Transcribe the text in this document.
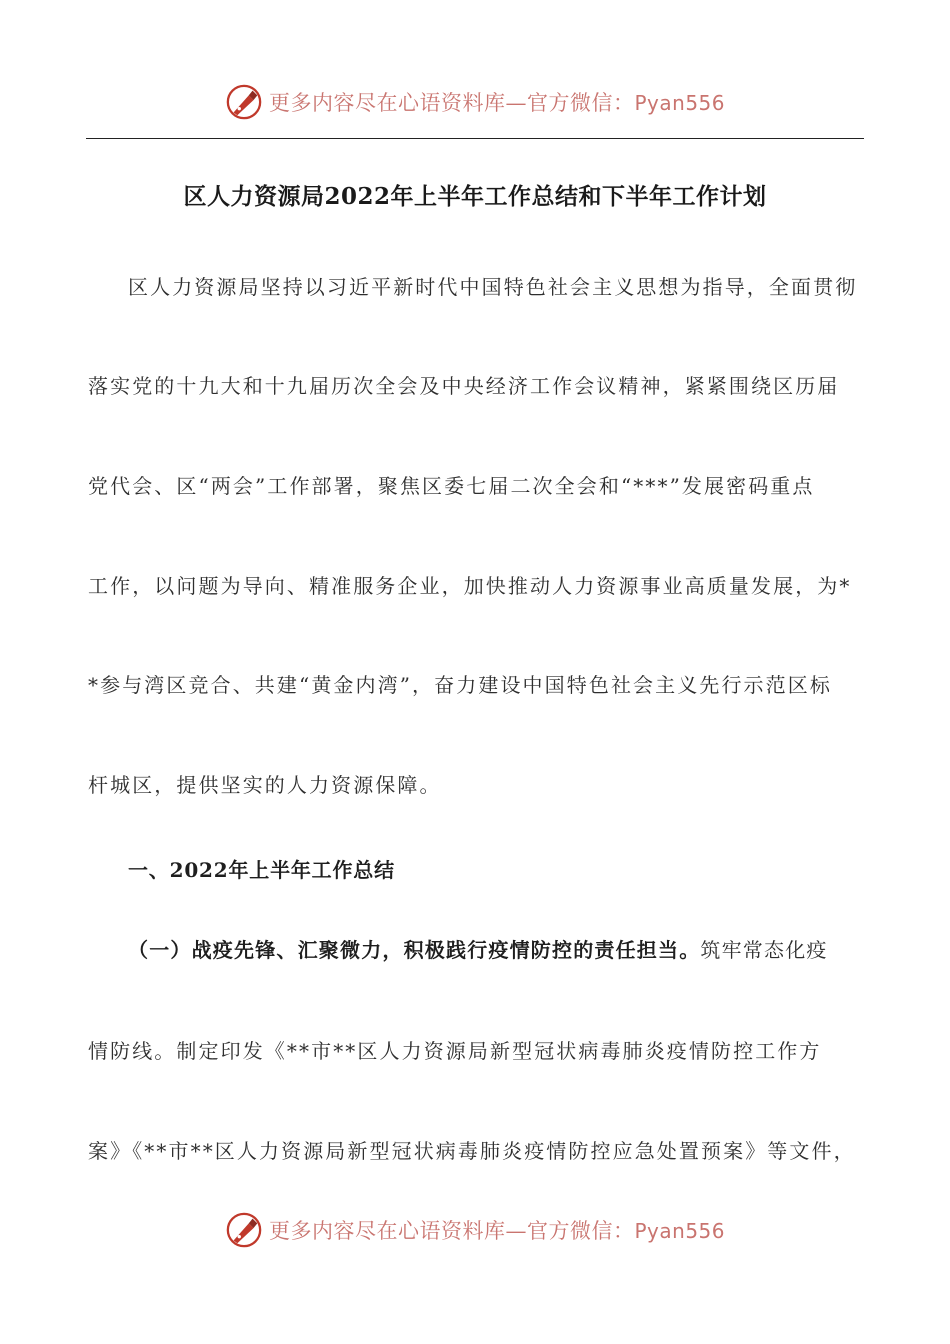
更多内容尽在心语资料库—官方微信：Pyan556
区人力资源局2022年上半年工作总结和下半年工作计划
区人力资源局坚持以习近平新时代中国特色社会主义思想为指导，全面贯彻
落实党的十九大和十九届历次全会及中央经济工作会议精神，紧紧围绕区历届
党代会、区“两会”工作部署，聚焦区委七届二次全会和“***”发展密码重点
工作，以问题为导向、精准服务企业，加快推动人力资源事业高质量发展，为*
*参与湾区竞合、共建“黄金内湾”，奋力建设中国特色社会主义先行示范区标
杆城区，提供坚实的人力资源保障。
一、2022年上半年工作总结
（一）战疫先锋、汇聚微力，积极践行疫情防控的责任担当。筑牢常态化疫
情防线。制定印发《**市**区人力资源局新型冠状病毒肺炎疫情防控工作方
案》《**市**区人力资源局新型冠状病毒肺炎疫情防控应急处置预案》等文件，
更多内容尽在心语资料库—官方微信：Pyan556
